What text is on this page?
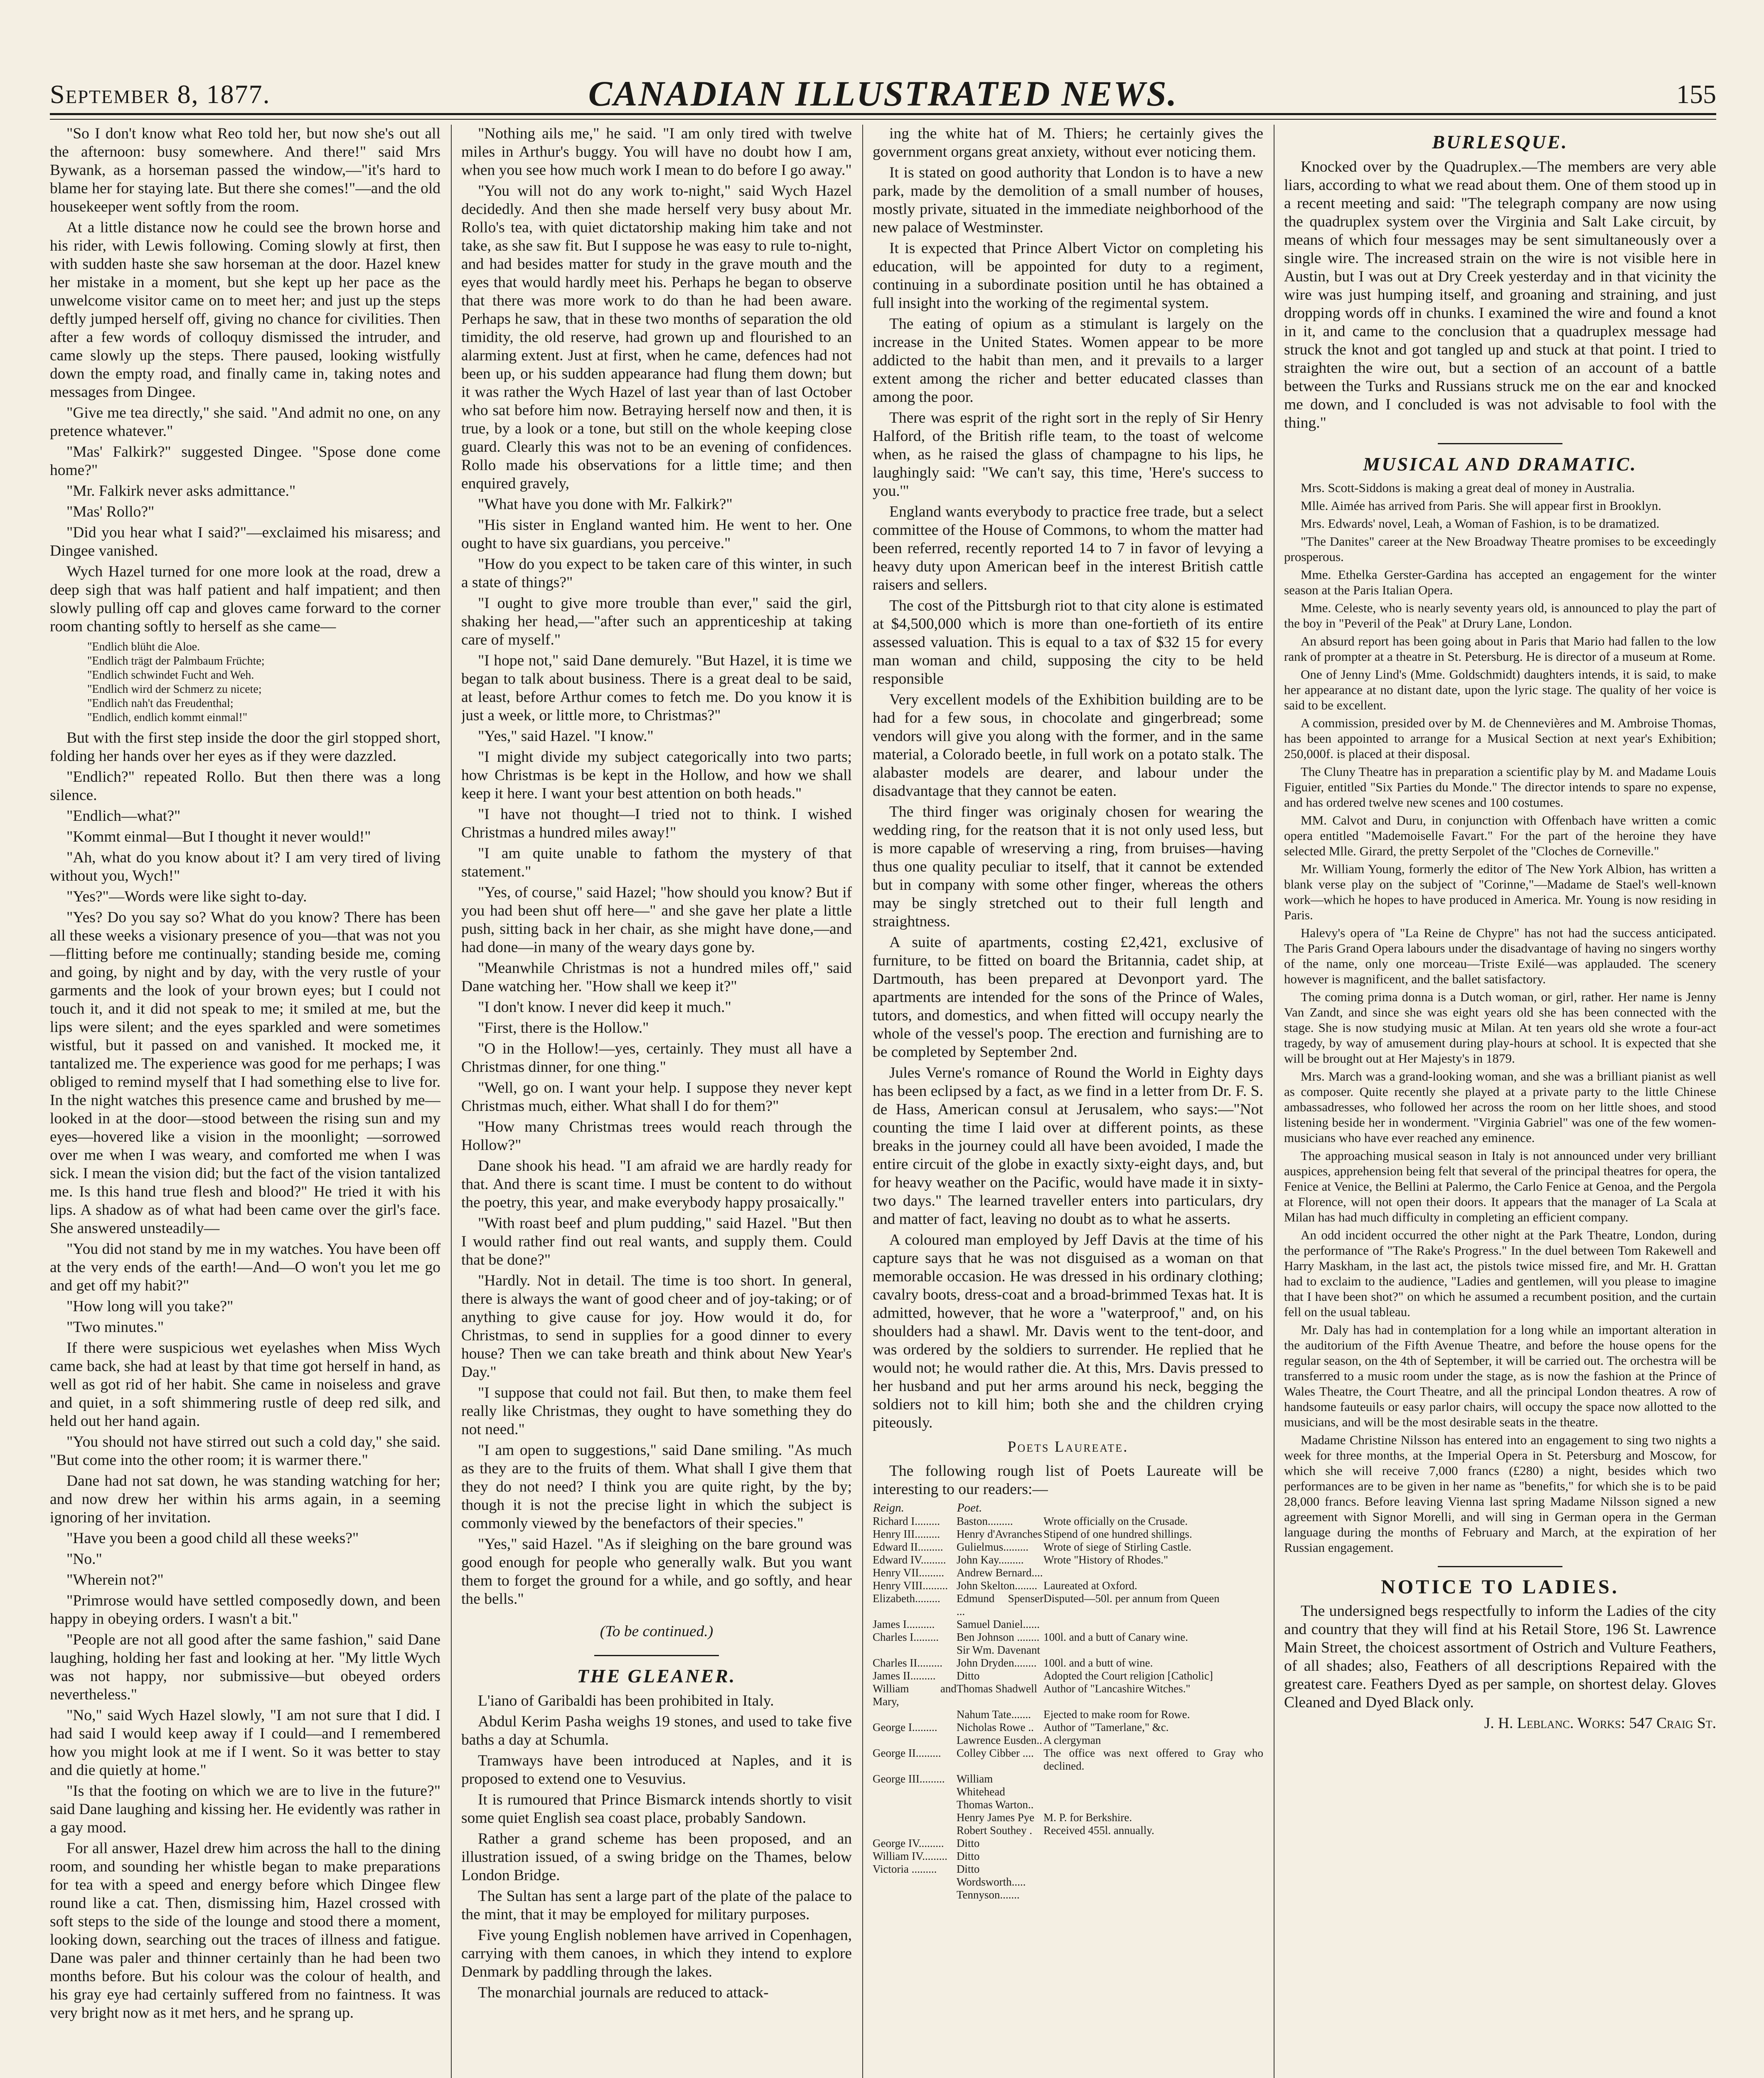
September 8, 1877.	CANADIAN ILLUSTRATED NEWS.	155

"So I don't know what Reo told her, but now she's out all the afternoon: busy somewhere. And there!" said Mrs Bywank, as a horseman passed the window,—"it's hard to blame her for staying late. But there she comes!"—and the old housekeeper went softly from the room.

At a little distance now he could see the brown horse and his rider, with Lewis following. Coming slowly at first, then with sudden haste she saw horseman at the door. Hazel knew her mistake in a moment, but she kept up her pace as the unwelcome visitor came on to meet her; and just up the steps deftly jumped herself off, giving no chance for civilities. Then after a few words of colloquy dismissed the intruder, and came slowly up the steps. There paused, looking wistfully down the empty road, and finally came in, taking notes and messages from Dingee.

"Give me tea directly," she said. "And admit no one, on any pretence whatever."

"Mas' Falkirk?" suggested Dingee. "Spose done come home?"

"Mr. Falkirk never asks admittance."

"Mas' Rollo?"

"Did you hear what I said?"—exclaimed his misaress; and Dingee vanished.

Wych Hazel turned for one more look at the road, drew a deep sigh that was half patient and half impatient; and then slowly pulling off cap and gloves came forward to the corner room chanting softly to herself as she came—

"Endlich blüht die Aloe.
"Endlich trägt der Palmbaum Früchte;
"Endlich schwindet Fucht and Weh.
"Endlich wird der Schmerz zu nicete;
"Endlich nah't das Freudenthal;
"Endlich, endlich kommt einmal!"

But with the first step inside the door the girl stopped short, folding her hands over her eyes as if they were dazzled.

"Endlich?" repeated Rollo. But then there was a long silence.

"Endlich—what?"

"Kommt einmal—But I thought it never would!"

"Ah, what do you know about it? I am very tired of living without you, Wych!"

"Yes?"—Words were like sight to-day.

"Yes? Do you say so? What do you know? There has been all these weeks a visionary presence of you—that was not you—flitting before me continually; standing beside me, coming and going, by night and by day, with the very rustle of your garments and the look of your brown eyes; but I could not touch it, and it did not speak to me; it smiled at me, but the lips were silent; and the eyes sparkled and were sometimes wistful, but it passed on and vanished. It mocked me, it tantalized me. The experience was good for me perhaps; I was obliged to remind myself that I had something else to live for. In the night watches this presence came and brushed by me—looked in at the door—stood between the rising sun and my eyes—hovered like a vision in the moonlight; —sorrowed over me when I was weary, and comforted me when I was sick. I mean the vision did; but the fact of the vision tantalized me. Is this hand true flesh and blood?" He tried it with his lips. A shadow as of what had been came over the girl's face. She answered unsteadily—

"You did not stand by me in my watches. You have been off at the very ends of the earth!—And—O won't you let me go and get off my habit?"

"How long will you take?"

"Two minutes."

If there were suspicious wet eyelashes when Miss Wych came back, she had at least by that time got herself in hand, as well as got rid of her habit. She came in noiseless and grave and quiet, in a soft shimmering rustle of deep red silk, and held out her hand again.

"You should not have stirred out such a cold day," she said. "But come into the other room; it is warmer there."

Dane had not sat down, he was standing watching for her; and now drew her within his arms again, in a seeming ignoring of her invitation.

"Have you been a good child all these weeks?"

"No."

"Wherein not?"

"Primrose would have settled composedly down, and been happy in obeying orders. I wasn't a bit."

"People are not all good after the same fashion," said Dane laughing, holding her fast and looking at her. "My little Wych was not happy, nor submissive—but obeyed orders nevertheless."

"No," said Wych Hazel slowly, "I am not sure that I did. I had said I would keep away if I could—and I remembered how you might look at me if I went. So it was better to stay and die quietly at home."

"Is that the footing on which we are to live in the future?" said Dane laughing and kissing her. He evidently was rather in a gay mood.

For all answer, Hazel drew him across the hall to the dining room, and sounding her whistle began to make preparations for tea with a speed and energy before which Dingee flew round like a cat. Then, dismissing him, Hazel crossed with soft steps to the side of the lounge and stood there a moment, looking down, searching out the traces of illness and fatigue. Dane was paler and thinner certainly than he had been two months before. But his colour was the colour of health, and his gray eye had certainly suffered from no faintness. It was very bright now as it met hers, and he sprang up.

"Nothing ails me," he said. "I am only tired with twelve miles in Arthur's buggy. You will have no doubt how I am, when you see how much work I mean to do before I go away."

"You will not do any work to-night," said Wych Hazel decidedly. And then she made herself very busy about Mr. Rollo's tea, with quiet dictatorship making him take and not take, as she saw fit. But I suppose he was easy to rule to-night, and had besides matter for study in the grave mouth and the eyes that would hardly meet his. Perhaps he began to observe that there was more work to do than he had been aware. Perhaps he saw, that in these two months of separation the old timidity, the old reserve, had grown up and flourished to an alarming extent. Just at first, when he came, defences had not been up, or his sudden appearance had flung them down; but it was rather the Wych Hazel of last year than of last October who sat before him now. Betraying herself now and then, it is true, by a look or a tone, but still on the whole keeping close guard. Clearly this was not to be an evening of confidences. Rollo made his observations for a little time; and then enquired gravely,

"What have you done with Mr. Falkirk?"

"His sister in England wanted him. He went to her. One ought to have six guardians, you perceive."

"How do you expect to be taken care of this winter, in such a state of things?"

"I ought to give more trouble than ever," said the girl, shaking her head,—"after such an apprenticeship at taking care of myself."

"I hope not," said Dane demurely. "But Hazel, it is time we began to talk about business. There is a great deal to be said, at least, before Arthur comes to fetch me. Do you know it is just a week, or little more, to Christmas?"

"Yes," said Hazel. "I know."

"I might divide my subject categorically into two parts; how Christmas is be kept in the Hollow, and how we shall keep it here. I want your best attention on both heads."

"I have not thought—I tried not to think. I wished Christmas a hundred miles away!"

"I am quite unable to fathom the mystery of that statement."

"Yes, of course," said Hazel; "how should you know? But if you had been shut off here—" and she gave her plate a little push, sitting back in her chair, as she might have done,—and had done—in many of the weary days gone by.

"Meanwhile Christmas is not a hundred miles off," said Dane watching her. "How shall we keep it?"

"I don't know. I never did keep it much."

"First, there is the Hollow."

"O in the Hollow!—yes, certainly. They must all have a Christmas dinner, for one thing."

"Well, go on. I want your help. I suppose they never kept Christmas much, either. What shall I do for them?"

"How many Christmas trees would reach through the Hollow?"

Dane shook his head. "I am afraid we are hardly ready for that. And there is scant time. I must be content to do without the poetry, this year, and make everybody happy prosaically."

"With roast beef and plum pudding," said Hazel. "But then I would rather find out real wants, and supply them. Could that be done?"

"Hardly. Not in detail. The time is too short. In general, there is always the want of good cheer and of joy-taking; or of anything to give cause for joy. How would it do, for Christmas, to send in supplies for a good dinner to every house? Then we can take breath and think about New Year's Day."

"I suppose that could not fail. But then, to make them feel really like Christmas, they ought to have something they do not need."

"I am open to suggestions," said Dane smiling. "As much as they are to the fruits of them. What shall I give them that they do not need? I think you are quite right, by the by; though it is not the precise light in which the subject is commonly viewed by the benefactors of their species."

"Yes," said Hazel. "As if sleighing on the bare ground was good enough for people who generally walk. But you want them to forget the ground for a while, and go softly, and hear the bells."

(To be continued.)
THE GLEANER.

L'iano of Garibaldi has been prohibited in Italy.

Abdul Kerim Pasha weighs 19 stones, and used to take five baths a day at Schumla.

Tramways have been introduced at Naples, and it is proposed to extend one to Vesuvius.

It is rumoured that Prince Bismarck intends shortly to visit some quiet English sea coast place, probably Sandown.

Rather a grand scheme has been proposed, and an illustration issued, of a swing bridge on the Thames, below London Bridge.

The Sultan has sent a large part of the plate of the palace to the mint, that it may be employed for military purposes.

Five young English noblemen have arrived in Copenhagen, carrying with them canoes, in which they intend to explore Denmark by paddling through the lakes.

The monarchial journals are reduced to attack-

ing the white hat of M. Thiers; he certainly gives the government organs great anxiety, without ever noticing them.

It is stated on good authority that London is to have a new park, made by the demolition of a small number of houses, mostly private, situated in the immediate neighborhood of the new palace of Westminster.

It is expected that Prince Albert Victor on completing his education, will be appointed for duty to a regiment, continuing in a subordinate position until he has obtained a full insight into the working of the regimental system.

The eating of opium as a stimulant is largely on the increase in the United States. Women appear to be more addicted to the habit than men, and it prevails to a larger extent among the richer and better educated classes than among the poor.

There was esprit of the right sort in the reply of Sir Henry Halford, of the British rifle team, to the toast of welcome when, as he raised the glass of champagne to his lips, he laughingly said: "We can't say, this time, 'Here's success to you.'"

England wants everybody to practice free trade, but a select committee of the House of Commons, to whom the matter had been referred, recently reported 14 to 7 in favor of levying a heavy duty upon American beef in the interest British cattle raisers and sellers.

The cost of the Pittsburgh riot to that city alone is estimated at $4,500,000 which is more than one-fortieth of its entire assessed valuation. This is equal to a tax of $32 15 for every man woman and child, supposing the city to be held responsible

Very excellent models of the Exhibition building are to be had for a few sous, in chocolate and gingerbread; some vendors will give you along with the former, and in the same material, a Colorado beetle, in full work on a potato stalk. The alabaster models are dearer, and labour under the disadvantage that they cannot be eaten.

The third finger was originaly chosen for wearing the wedding ring, for the reatson that it is not only used less, but is more capable of wreserving a ring, from bruises—having thus one quality peculiar to itself, that it cannot be extended but in company with some other finger, whereas the others may be singly stretched out to their full length and straightness.

A suite of apartments, costing £2,421, exclusive of furniture, to be fitted on board the Britannia, cadet ship, at Dartmouth, has been prepared at Devonport yard. The apartments are intended for the sons of the Prince of Wales, tutors, and domestics, and when fitted will occupy nearly the whole of the vessel's poop. The erection and furnishing are to be completed by September 2nd.

Jules Verne's romance of Round the World in Eighty days has been eclipsed by a fact, as we find in a letter from Dr. F. S. de Hass, American consul at Jerusalem, who says:—"Not counting the time I laid over at different points, as these breaks in the journey could all have been avoided, I made the entire circuit of the globe in exactly sixty-eight days, and, but for heavy weather on the Pacific, would have made it in sixty-two days." The learned traveller enters into particulars, dry and matter of fact, leaving no doubt as to what he asserts.

A coloured man employed by Jeff Davis at the time of his capture says that he was not disguised as a woman on that memorable occasion. He was dressed in his ordinary clothing; cavalry boots, dress-coat and a broad-brimmed Texas hat. It is admitted, however, that he wore a "waterproof," and, on his shoulders had a shawl. Mr. Davis went to the tent-door, and was ordered by the soldiers to surrender. He replied that he would not; he would rather die. At this, Mrs. Davis pressed to her husband and put her arms around his neck, begging the soldiers not to kill him; both she and the children crying piteously.

Poets Laureate.

The following rough list of Poets Laureate will be interesting to our readers:—

Reign.	Poet.	
Richard I.........	Baston.........	Wrote officially on the Crusade.
Henry III.........	Henry d'Avranches	Stipend of one hundred shillings.
Edward II.........	Gulielmus.........	Wrote of siege of Stirling Castle.
Edward IV.........	John Kay.........	Wrote "History of Rhodes."
Henry VII.........	Andrew Bernard....	
Henry VIII.........	John Skelton........	Laureated at Oxford.
Elizabeth.........	Edmund Spenser ...	Disputed—50l. per annum from Queen
James I..........	Samuel Daniel......	
Charles I.........	Ben Johnson ........	100l. and a butt of Canary wine.
	Sir Wm. Davenant	
Charles II.........	John Dryden........	100l. and a butt of wine.
James II.........	Ditto	Adopted the Court religion [Catholic]
William and Mary,	Thomas Shadwell	Author of "Lancashire Witches."
	Nahum Tate.......	Ejected to make room for Rowe.
George I.........	Nicholas Rowe ..	Author of "Tamerlane," &c.
	Lawrence Eusden..	A clergyman
George II.........	Colley Cibber ....	The office was next offered to Gray who declined.
George III.........	William Whitehead	
	Thomas Warton..	
	Henry James Pye	M. P. for Berkshire.
	Robert Southey .	Received 455l. annually.
George IV.........	Ditto	
William IV.........	Ditto	
Victoria .........	Ditto	
	Wordsworth.....	
	Tennyson.......	
BURLESQUE.

Knocked over by the Quadruplex.—The members are very able liars, according to what we read about them. One of them stood up in a recent meeting and said: "The telegraph company are now using the quadruplex system over the Virginia and Salt Lake circuit, by means of which four messages may be sent simultaneously over a single wire. The increased strain on the wire is not visible here in Austin, but I was out at Dry Creek yesterday and in that vicinity the wire was just humping itself, and groaning and straining, and just dropping words off in chunks. I examined the wire and found a knot in it, and came to the conclusion that a quadruplex message had struck the knot and got tangled up and stuck at that point. I tried to straighten the wire out, but a section of an account of a battle between the Turks and Russians struck me on the ear and knocked me down, and I concluded is was not advisable to fool with the thing."

MUSICAL AND DRAMATIC.

Mrs. Scott-Siddons is making a great deal of money in Australia.

Mlle. Aimée has arrived from Paris. She will appear first in Brooklyn.

Mrs. Edwards' novel, Leah, a Woman of Fashion, is to be dramatized.

"The Danites" career at the New Broadway Theatre promises to be exceedingly prosperous.

Mme. Ethelka Gerster-Gardina has accepted an engagement for the winter season at the Paris Italian Opera.

Mme. Celeste, who is nearly seventy years old, is announced to play the part of the boy in "Peveril of the Peak" at Drury Lane, London.

An absurd report has been going about in Paris that Mario had fallen to the low rank of prompter at a theatre in St. Petersburg. He is director of a museum at Rome.

One of Jenny Lind's (Mme. Goldschmidt) daughters intends, it is said, to make her appearance at no distant date, upon the lyric stage. The quality of her voice is said to be excellent.

A commission, presided over by M. de Chennevières and M. Ambroise Thomas, has been appointed to arrange for a Musical Section at next year's Exhibition; 250,000f. is placed at their disposal.

The Cluny Theatre has in preparation a scientific play by M. and Madame Louis Figuier, entitled "Six Parties du Monde." The director intends to spare no expense, and has ordered twelve new scenes and 100 costumes.

MM. Calvot and Duru, in conjunction with Offenbach have written a comic opera entitled "Mademoiselle Favart." For the part of the heroine they have selected Mlle. Girard, the pretty Serpolet of the "Cloches de Corneville."

Mr. William Young, formerly the editor of The New York Albion, has written a blank verse play on the subject of "Corinne,"—Madame de Stael's well-known work—which he hopes to have produced in America. Mr. Young is now residing in Paris.

Halevy's opera of "La Reine de Chypre" has not had the success anticipated. The Paris Grand Opera labours under the disadvantage of having no singers worthy of the name, only one morceau—Triste Exilé—was applauded. The scenery however is magnificent, and the ballet satisfactory.

The coming prima donna is a Dutch woman, or girl, rather. Her name is Jenny Van Zandt, and since she was eight years old she has been connected with the stage. She is now studying music at Milan. At ten years old she wrote a four-act tragedy, by way of amusement during play-hours at school. It is expected that she will be brought out at Her Majesty's in 1879.

Mrs. March was a grand-looking woman, and she was a brilliant pianist as well as composer. Quite recently she played at a private party to the little Chinese ambassadresses, who followed her across the room on her little shoes, and stood listening beside her in wonderment. "Virginia Gabriel" was one of the few women-musicians who have ever reached any eminence.

The approaching musical season in Italy is not announced under very brilliant auspices, apprehension being felt that several of the principal theatres for opera, the Fenice at Venice, the Bellini at Palermo, the Carlo Fenice at Genoa, and the Pergola at Florence, will not open their doors. It appears that the manager of La Scala at Milan has had much difficulty in completing an efficient company.

An odd incident occurred the other night at the Park Theatre, London, during the performance of "The Rake's Progress." In the duel between Tom Rakewell and Harry Maskham, in the last act, the pistols twice missed fire, and Mr. H. Grattan had to exclaim to the audience, "Ladies and gentlemen, will you please to imagine that I have been shot?" on which he assumed a recumbent position, and the curtain fell on the usual tableau.

Mr. Daly has had in contemplation for a long while an important alteration in the auditorium of the Fifth Avenue Theatre, and before the house opens for the regular season, on the 4th of September, it will be carried out. The orchestra will be transferred to a music room under the stage, as is now the fashion at the Prince of Wales Theatre, the Court Theatre, and all the principal London theatres. A row of handsome fauteuils or easy parlor chairs, will occupy the space now allotted to the musicians, and will be the most desirable seats in the theatre.

Madame Christine Nilsson has entered into an engagement to sing two nights a week for three months, at the Imperial Opera in St. Petersburg and Moscow, for which she will receive 7,000 francs (£280) a night, besides which two performances are to be given in her name as "benefits," for which she is to be paid 28,000 francs. Before leaving Vienna last spring Madame Nilsson signed a new agreement with Signor Morelli, and will sing in German opera in the German language during the months of February and March, at the expiration of her Russian engagement.

NOTICE TO LADIES.

The undersigned begs respectfully to inform the Ladies of the city and country that they will find at his Retail Store, 196 St. Lawrence Main Street, the choicest assortment of Ostrich and Vulture Feathers, of all shades; also, Feathers of all descriptions Repaired with the greatest care. Feathers Dyed as per sample, on shortest delay. Gloves Cleaned and Dyed Black only.

J. H. Leblanc. Works: 547 Craig St.
